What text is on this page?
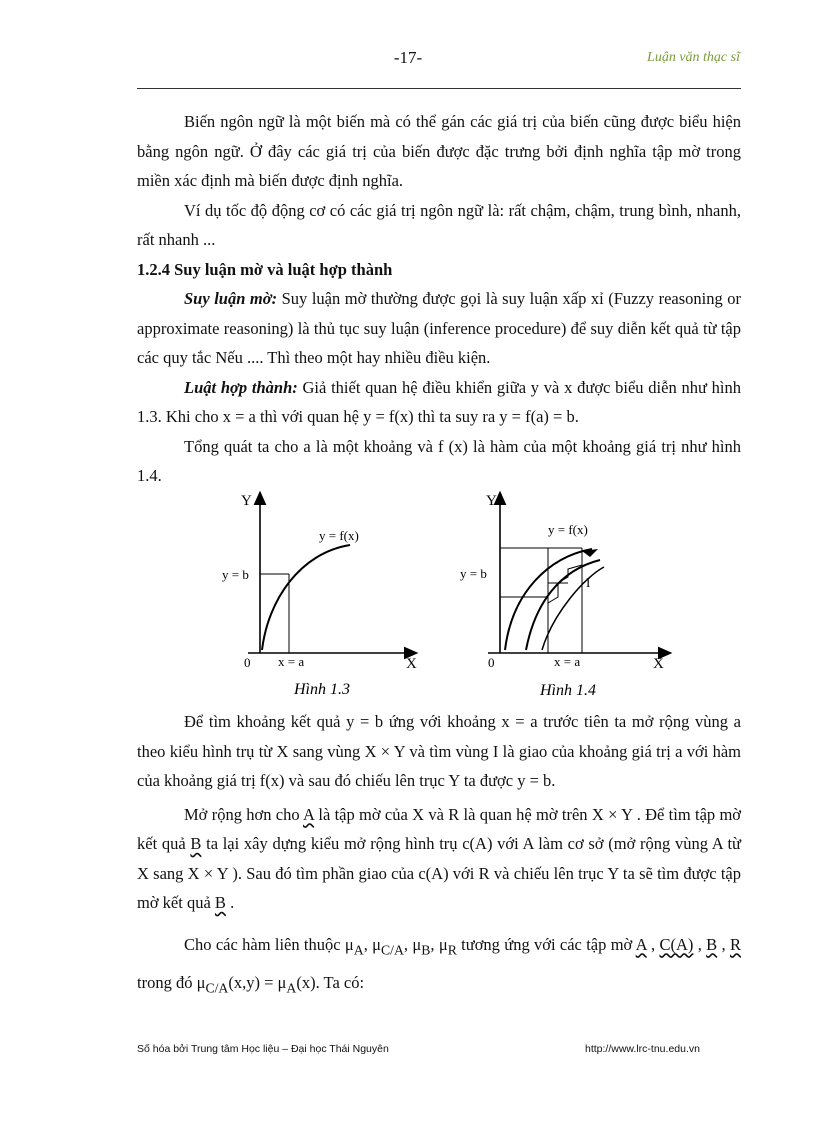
-17-	Luận văn thạc sĩ

Biến ngôn ngữ là một biến mà có thể gán các giá trị của biến cũng được biểu hiện bằng ngôn ngữ. Ở đây các giá trị của biến được đặc trưng bởi định nghĩa tập mờ trong miền xác định mà biến được định nghĩa.

Ví dụ tốc độ động cơ có các giá trị ngôn ngữ là: rất chậm, chậm, trung bình, nhanh, rất nhanh ...

1.2.4 Suy luận mờ và luật hợp thành

Suy luận mờ: Suy luận mờ thường được gọi là suy luận xấp xỉ (Fuzzy reasoning or approximate reasoning) là thủ tục suy luận (inference procedure) để suy diễn kết quả từ tập các quy tắc Nếu .... Thì theo một hay nhiều điều kiện.

Luật hợp thành: Giả thiết quan hệ điều khiển giữa y và x được biểu diễn như hình 1.3. Khi cho x = a thì với quan hệ y = f(x) thì ta suy ra y = f(a) = b.

Tổng quát ta cho a là một khoảng và f (x) là hàm của một khoảng giá trị như hình 1.4.

Y
X
0
y = f(x)
y = b
x = a
Hình 1.3
Y
X
0
y = f(x)
y = b
x = a
I
Hình 1.4

Để tìm khoảng kết quả y = b ứng với khoảng x = a trước tiên ta mở rộng vùng a theo kiểu hình trụ từ X sang vùng X × Y và tìm vùng I là giao của khoảng giá trị a với hàm của khoảng giá trị f(x) và sau đó chiếu lên trục Y ta được y = b.

Mở rộng hơn cho A là tập mờ của X và R là quan hệ mờ trên X × Y . Để tìm tập mờ kết quả B ta lại xây dựng kiểu mở rộng hình trụ c(A) với A làm cơ sở (mở rộng vùng A từ X sang X × Y ). Sau đó tìm phần giao của c(A) với R và chiếu lên trục Y ta sẽ tìm được tập mờ kết quả B .

Cho các hàm liên thuộc $\mu_A$, $\mu_{C/A}$, $\mu_B$, $\mu_R$ tương ứng với các tập mờ A , C(A) , B , R trong đó $\mu_{C/A}(x,y) = \mu_A(x)$. Ta có:

Số hóa bởi Trung tâm Học liệu – Đại học Thái Nguyên	http://www.lrc-tnu.edu.vn
